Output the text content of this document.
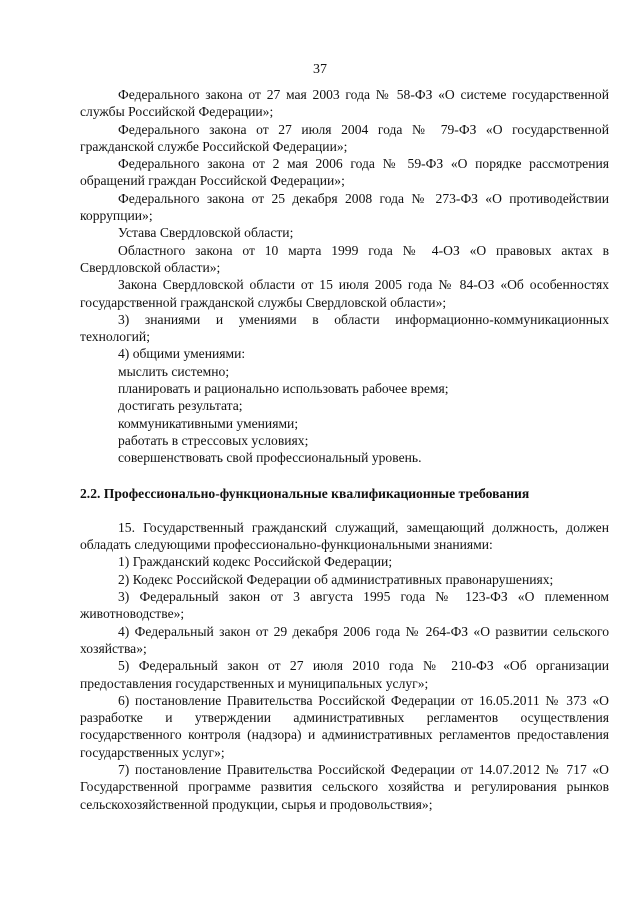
37

Федерального закона от 27 мая 2003 года № 58-ФЗ «О системе государственной службы Российской Федерации»;

Федерального закона от 27 июля 2004 года № 79-ФЗ «О государственной гражданской службе Российской Федерации»;

Федерального закона от 2 мая 2006 года № 59-ФЗ «О порядке рассмотрения обращений граждан Российской Федерации»;

Федерального закона от 25 декабря 2008 года № 273-ФЗ «О противодействии коррупции»;

Устава Свердловской области;

Областного закона от 10 марта 1999 года № 4-ОЗ «О правовых актах в Свердловской области»;

Закона Свердловской области от 15 июля 2005 года № 84-ОЗ «Об особенностях государственной гражданской службы Свердловской области»;

3) знаниями и умениями в области информационно-коммуникационных технологий;

4) общими умениями:

мыслить системно;

планировать и рационально использовать рабочее время;

достигать результата;

коммуникативными умениями;

работать в стрессовых условиях;

совершенствовать свой профессиональный уровень.

2.2. Профессионально-функциональные квалификационные требования

15. Государственный гражданский служащий, замещающий должность, должен обладать следующими профессионально-функциональными знаниями:

1) Гражданский кодекс Российской Федерации;

2) Кодекс Российской Федерации об административных правонарушениях;

3) Федеральный закон от 3 августа 1995 года № 123-ФЗ «О племенном животноводстве»;

4) Федеральный закон от 29 декабря 2006 года № 264-ФЗ «О развитии сельского хозяйства»;

5) Федеральный закон от 27 июля 2010 года № 210-ФЗ «Об организации предоставления государственных и муниципальных услуг»;

6) постановление Правительства Российской Федерации от 16.05.2011 № 373 «О разработке и утверждении административных регламентов осуществления государственного контроля (надзора) и административных регламентов предоставления государственных услуг»;

7) постановление Правительства Российской Федерации от 14.07.2012 № 717 «О Государственной программе развития сельского хозяйства и регулирования рынков сельскохозяйственной продукции, сырья и продовольствия»;
